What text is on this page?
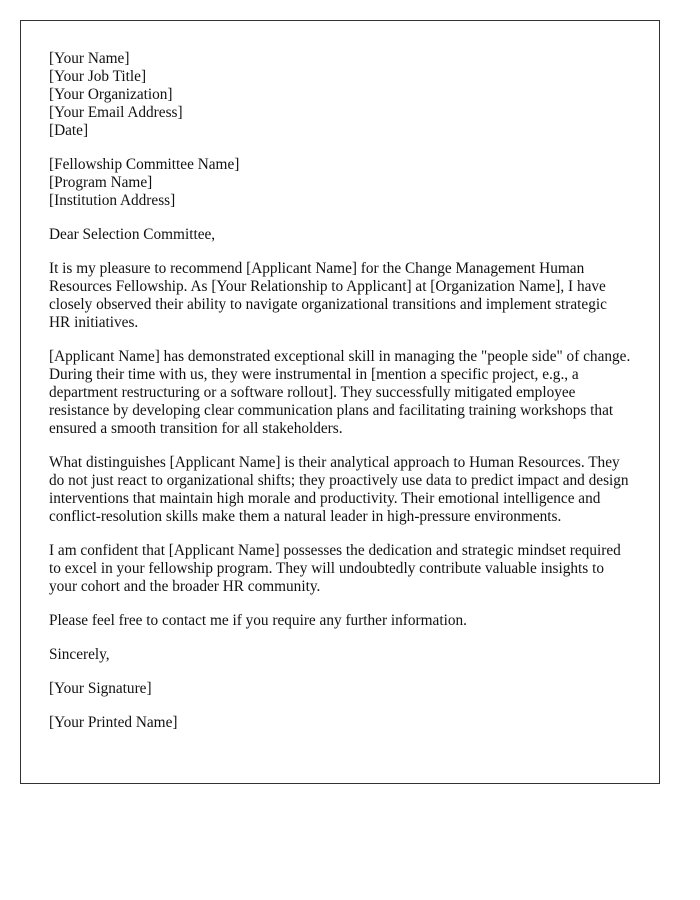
[Your Name]
[Your Job Title]
[Your Organization]
[Your Email Address]
[Date]
[Fellowship Committee Name]
[Program Name]
[Institution Address]

Dear Selection Committee,

It is my pleasure to recommend [Applicant Name] for the Change Management Human Resources Fellowship. As [Your Relationship to Applicant] at [Organization Name], I have closely observed their ability to navigate organizational transitions and implement strategic HR initiatives.

[Applicant Name] has demonstrated exceptional skill in managing the "people side" of change. During their time with us, they were instrumental in [mention a specific project, e.g., a department restructuring or a software rollout]. They successfully mitigated employee resistance by developing clear communication plans and facilitating training workshops that ensured a smooth transition for all stakeholders.

What distinguishes [Applicant Name] is their analytical approach to Human Resources. They do not just react to organizational shifts; they proactively use data to predict impact and design interventions that maintain high morale and productivity. Their emotional intelligence and conflict-resolution skills make them a natural leader in high-pressure environments.

I am confident that [Applicant Name] possesses the dedication and strategic mindset required to excel in your fellowship program. They will undoubtedly contribute valuable insights to your cohort and the broader HR community.

Please feel free to contact me if you require any further information.

Sincerely,

[Your Signature]

[Your Printed Name]
